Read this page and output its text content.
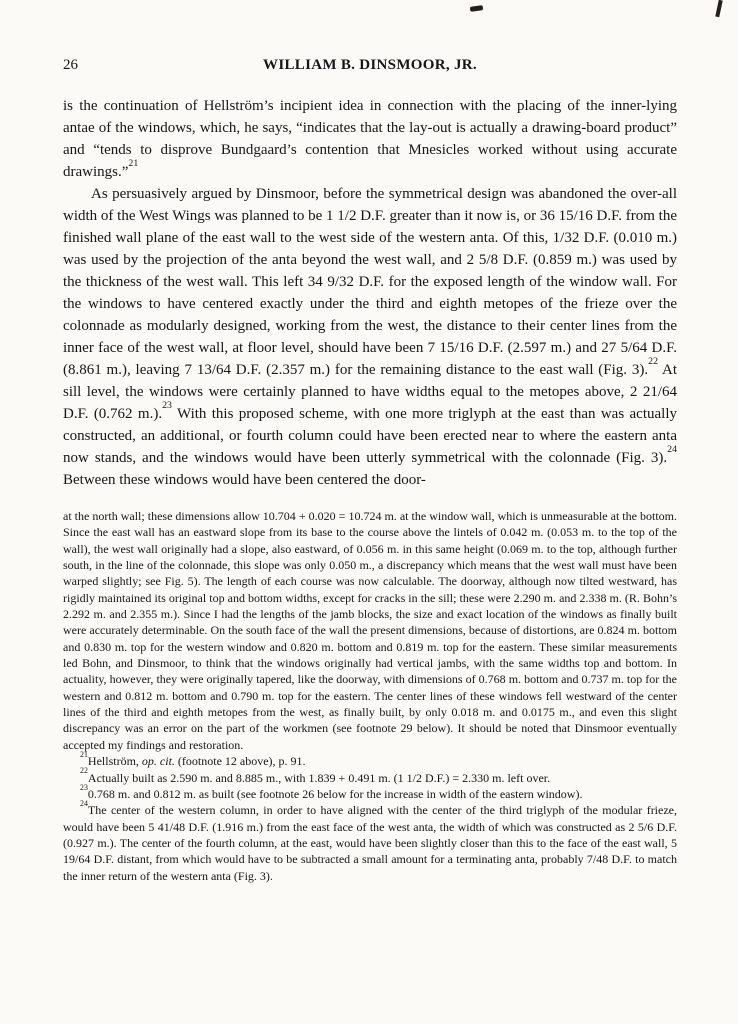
26	WILLIAM B. DINSMOOR, JR.

is the continuation of Hellström’s incipient idea in connection with the placing of the inner-lying antae of the windows, which, he says, “indicates that the lay-out is actually a drawing-board product” and “tends to disprove Bundgaard’s contention that Mnesicles worked without using accurate drawings.”$^{21}$

As persuasively argued by Dinsmoor, before the symmetrical design was abandoned the over-all width of the West Wings was planned to be 1 1/2 D.F. greater than it now is, or 36 15/16 D.F. from the finished wall plane of the east wall to the west side of the western anta. Of this, 1/32 D.F. (0.010 m.) was used by the projection of the anta beyond the west wall, and 2 5/8 D.F. (0.859 m.) was used by the thickness of the west wall. This left 34 9/32 D.F. for the exposed length of the window wall. For the windows to have centered exactly under the third and eighth metopes of the frieze over the colonnade as modularly designed, working from the west, the distance to their center lines from the inner face of the west wall, at floor level, should have been 7 15/16 D.F. (2.597 m.) and 27 5/64 D.F. (8.861 m.), leaving 7 13/64 D.F. (2.357 m.) for the remaining distance to the east wall (Fig. 3).$^{22}$ At sill level, the windows were certainly planned to have widths equal to the metopes above, 2 21/64 D.F. (0.762 m.).$^{23}$ With this proposed scheme, with one more triglyph at the east than was actually constructed, an additional, or fourth column could have been erected near to where the eastern anta now stands, and the windows would have been utterly symmetrical with the colonnade (Fig. 3).$^{24}$ Between these windows would have been centered the door-

at the north wall; these dimensions allow 10.704 + 0.020 = 10.724 m. at the window wall, which is unmeasurable at the bottom. Since the east wall has an eastward slope from its base to the course above the lintels of 0.042 m. (0.053 m. to the top of the wall), the west wall originally had a slope, also eastward, of 0.056 m. in this same height (0.069 m. to the top, although further south, in the line of the colonnade, this slope was only 0.050 m., a discrepancy which means that the west wall must have been warped slightly; see Fig. 5). The length of each course was now calculable. The doorway, although now tilted westward, has rigidly maintained its original top and bottom widths, except for cracks in the sill; these were 2.290 m. and 2.338 m. (R. Bohn’s 2.292 m. and 2.355 m.). Since I had the lengths of the jamb blocks, the size and exact location of the windows as finally built were accurately determinable. On the south face of the wall the present dimensions, because of distortions, are 0.824 m. bottom and 0.830 m. top for the western window and 0.820 m. bottom and 0.819 m. top for the eastern. These similar measurements led Bohn, and Dinsmoor, to think that the windows originally had vertical jambs, with the same widths top and bottom. In actuality, however, they were originally tapered, like the doorway, with dimensions of 0.768 m. bottom and 0.737 m. top for the western and 0.812 m. bottom and 0.790 m. top for the eastern. The center lines of these windows fell westward of the center lines of the third and eighth metopes from the west, as finally built, by only 0.018 m. and 0.0175 m., and even this slight discrepancy was an error on the part of the workmen (see footnote 29 below). It should be noted that Dinsmoor eventually accepted my findings and restoration.

$^{21}$Hellström, op. cit. (footnote 12 above), p. 91.

$^{22}$Actually built as 2.590 m. and 8.885 m., with 1.839 + 0.491 m. (1 1/2 D.F.) = 2.330 m. left over.

$^{23}$0.768 m. and 0.812 m. as built (see footnote 26 below for the increase in width of the eastern window).

$^{24}$The center of the western column, in order to have aligned with the center of the third triglyph of the modular frieze, would have been 5 41/48 D.F. (1.916 m.) from the east face of the west anta, the width of which was constructed as 2 5/6 D.F. (0.927 m.). The center of the fourth column, at the east, would have been slightly closer than this to the face of the east wall, 5 19/64 D.F. distant, from which would have to be subtracted a small amount for a terminating anta, probably 7/48 D.F. to match the inner return of the western anta (Fig. 3).
